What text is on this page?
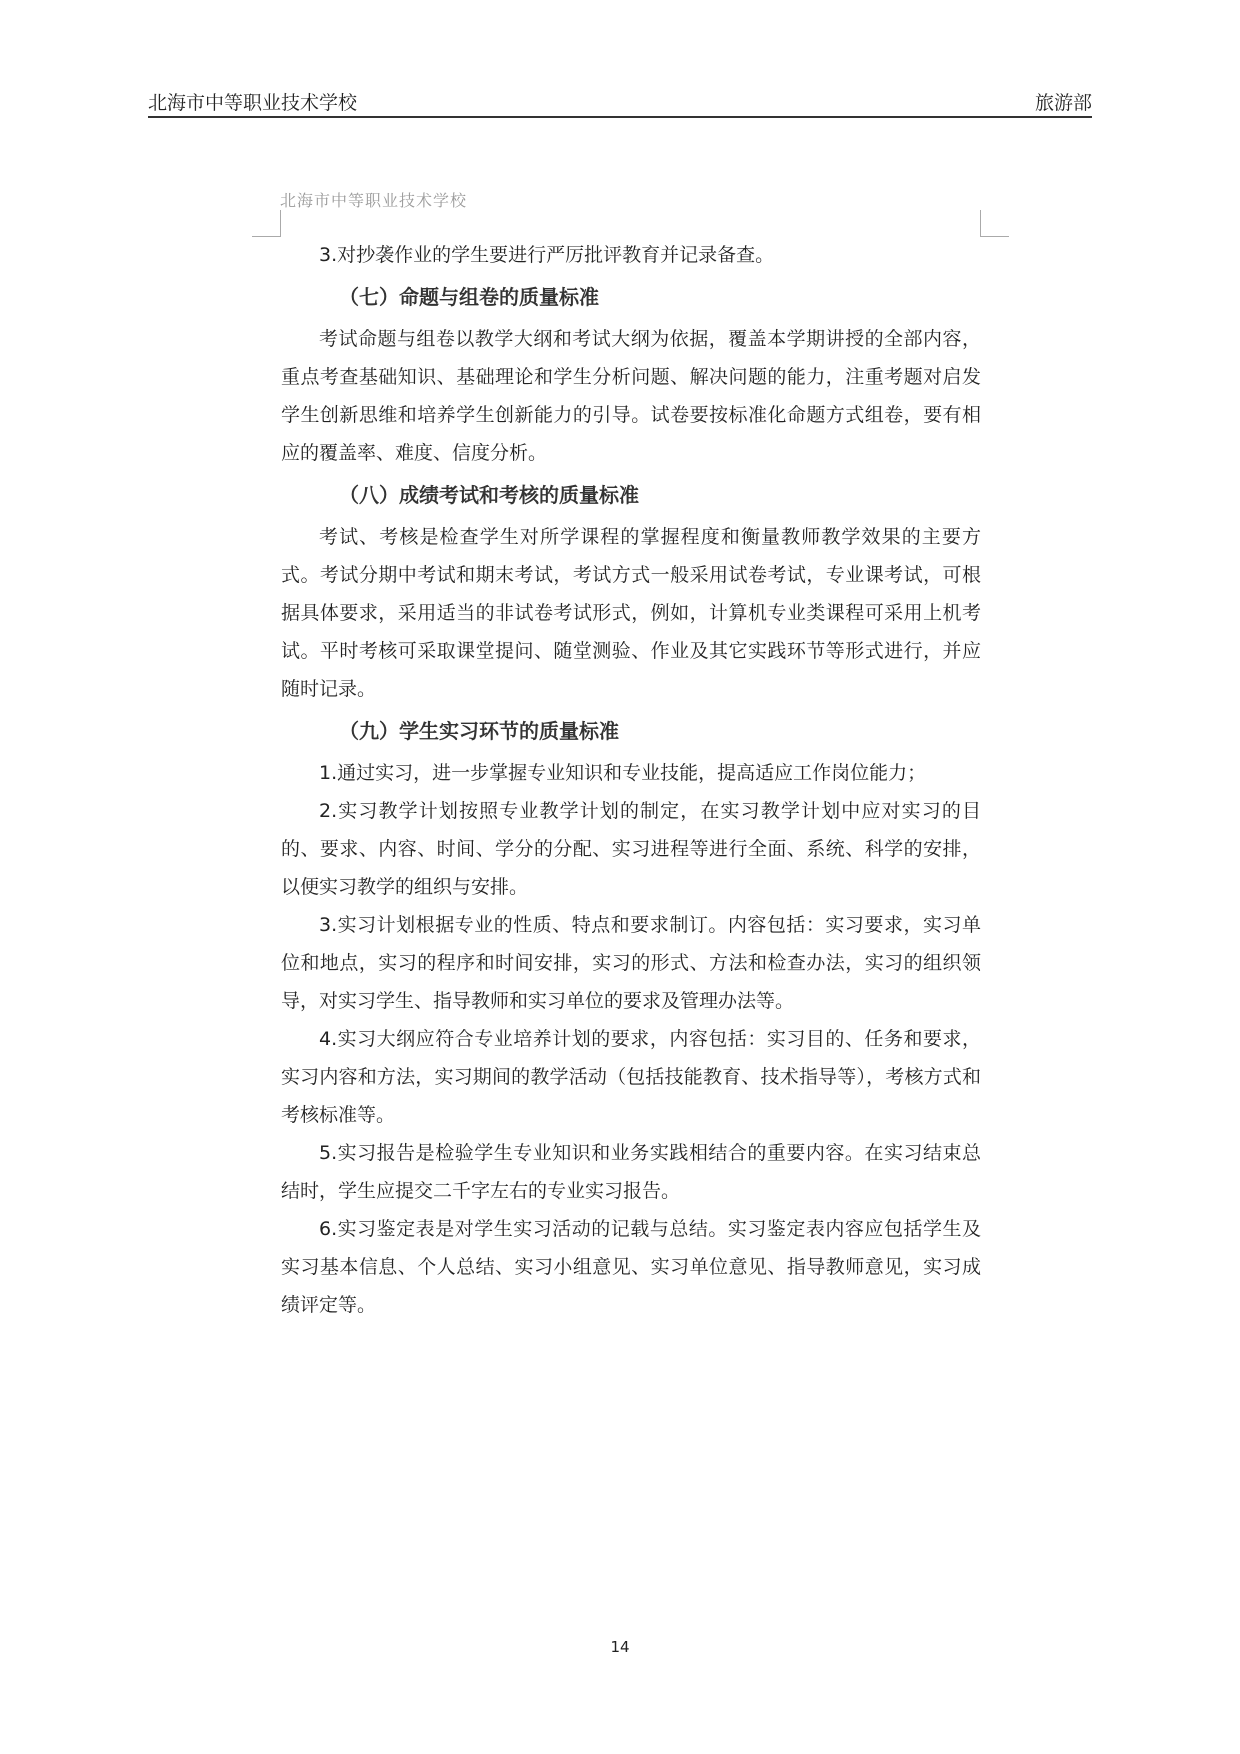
北海市中等职业技术学校	旅游部
北海市中等职业技术学校

3.对抄袭作业的学生要进行严厉批评教育并记录备查。

（七）命题与组卷的质量标准

考试命题与组卷以教学大纲和考试大纲为依据，覆盖本学期讲授的全部内容，重点考查基础知识、基础理论和学生分析问题、解决问题的能力，注重考题对启发学生创新思维和培养学生创新能力的引导。试卷要按标准化命题方式组卷，要有相应的覆盖率、难度、信度分析。

（八）成绩考试和考核的质量标准

考试、考核是检查学生对所学课程的掌握程度和衡量教师教学效果的主要方式。考试分期中考试和期末考试，考试方式一般采用试卷考试，专业课考试，可根据具体要求，采用适当的非试卷考试形式，例如，计算机专业类课程可采用上机考试。平时考核可采取课堂提问、随堂测验、作业及其它实践环节等形式进行，并应随时记录。

（九）学生实习环节的质量标准

1.通过实习，进一步掌握专业知识和专业技能，提高适应工作岗位能力；

2.实习教学计划按照专业教学计划的制定，在实习教学计划中应对实习的目的、要求、内容、时间、学分的分配、实习进程等进行全面、系统、科学的安排，以便实习教学的组织与安排。

3.实习计划根据专业的性质、特点和要求制订。内容包括：实习要求，实习单位和地点，实习的程序和时间安排，实习的形式、方法和检查办法，实习的组织领导，对实习学生、指导教师和实习单位的要求及管理办法等。

4.实习大纲应符合专业培养计划的要求，内容包括：实习目的、任务和要求，实习内容和方法，实习期间的教学活动（包括技能教育、技术指导等），考核方式和考核标准等。

5.实习报告是检验学生专业知识和业务实践相结合的重要内容。在实习结束总结时，学生应提交二千字左右的专业实习报告。

6.实习鉴定表是对学生实习活动的记载与总结。实习鉴定表内容应包括学生及实习基本信息、个人总结、实习小组意见、实习单位意见、指导教师意见，实习成绩评定等。

14
